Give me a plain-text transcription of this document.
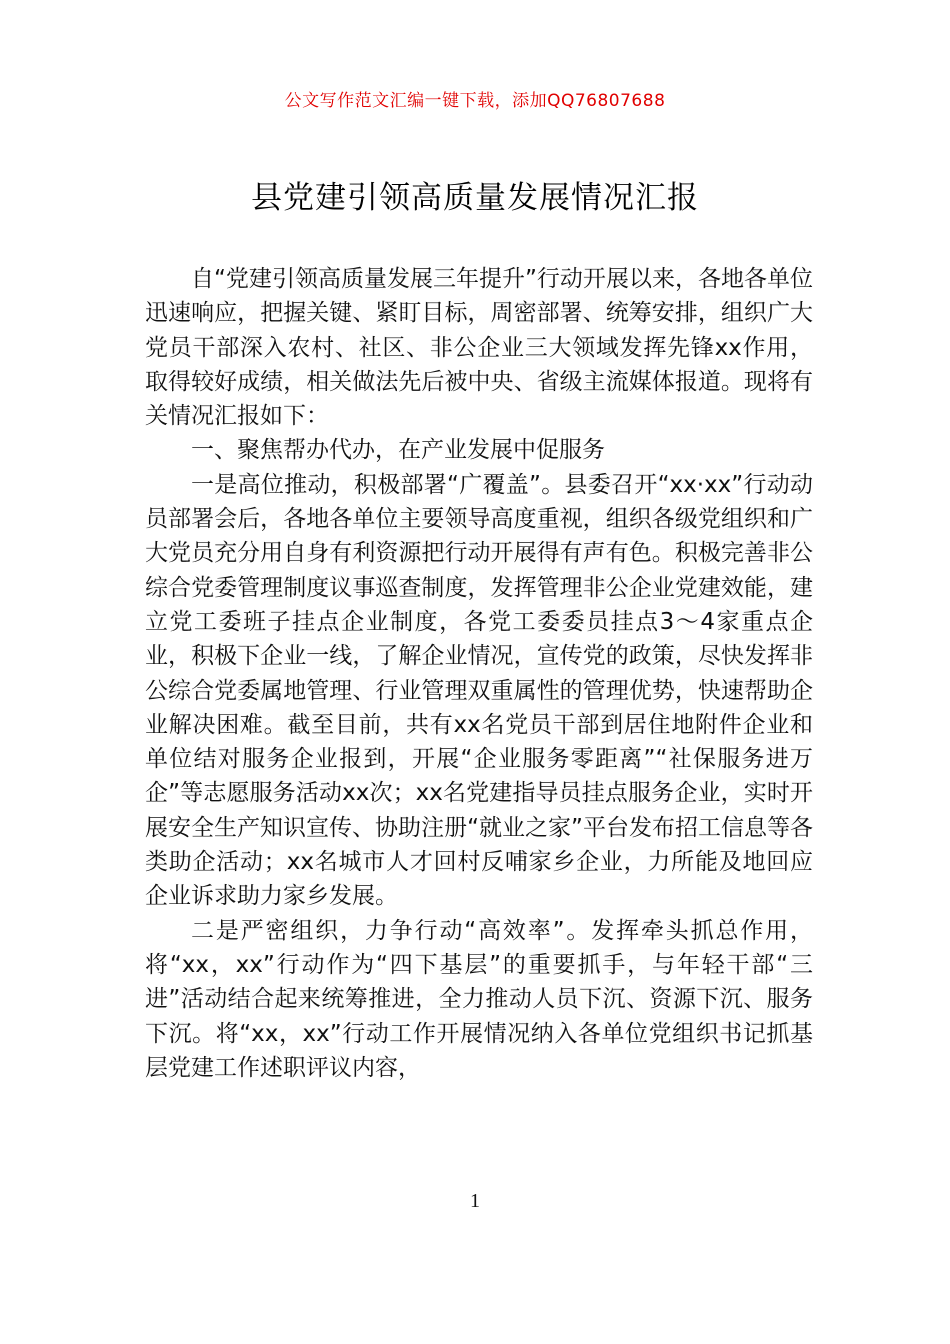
公文写作范文汇编一键下载，添加QQ76807688
县党建引领高质量发展情况汇报

自“党建引领高质量发展三年提升”行动开展以来，各地各单位迅速响应，把握关键、紧盯目标，周密部署、统筹安排，组织广大党员干部深入农村、社区、非公企业三大领域发挥先锋xx作用，取得较好成绩，相关做法先后被中央、省级主流媒体报道。现将有关情况汇报如下：

一、聚焦帮办代办，在产业发展中促服务

一是高位推动，积极部署“广覆盖”。县委召开“xx·xx”行动动员部署会后，各地各单位主要领导高度重视，组织各级党组织和广大党员充分用自身有利资源把行动开展得有声有色。积极完善非公综合党委管理制度议事巡查制度，发挥管理非公企业党建效能，建立党工委班子挂点企业制度，各党工委委员挂点3～4家重点企业，积极下企业一线，了解企业情况，宣传党的政策，尽快发挥非公综合党委属地管理、行业管理双重属性的管理优势，快速帮助企业解决困难。截至目前，共有xx名党员干部到居住地附件企业和单位结对服务企业报到，开展“企业服务零距离”“社保服务进万企”等志愿服务活动xx次；xx名党建指导员挂点服务企业，实时开展安全生产知识宣传、协助注册“就业之家”平台发布招工信息等各类助企活动；xx名城市人才回村反哺家乡企业，力所能及地回应企业诉求助力家乡发展。

二是严密组织，力争行动“高效率”。发挥牵头抓总作用，将“xx，xx”行动作为“四下基层”的重要抓手，与年轻干部“三进”活动结合起来统筹推进，全力推动人员下沉、资源下沉、服务下沉。将“xx，xx”行动工作开展情况纳入各单位党组织书记抓基层党建工作述职评议内容，

1
